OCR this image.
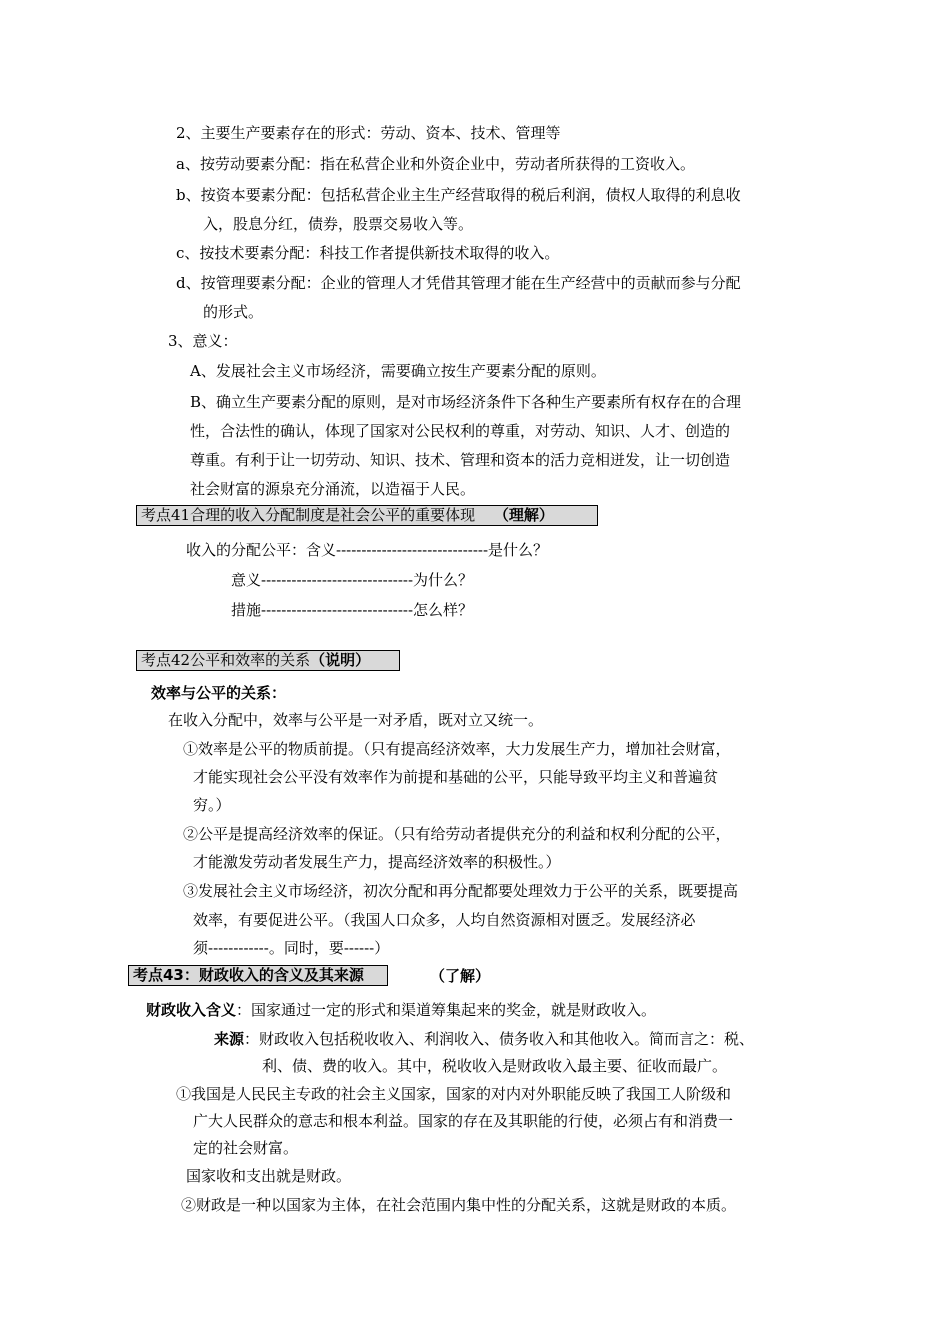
2、主要生产要素存在的形式：劳动、资本、技术、管理等
a、按劳动要素分配：指在私营企业和外资企业中，劳动者所获得的工资收入。
b、按资本要素分配：包括私营企业主生产经营取得的税后利润，债权人取得的利息收
入，股息分红，债券，股票交易收入等。
c、按技术要素分配：科技工作者提供新技术取得的收入。
d、按管理要素分配：企业的管理人才凭借其管理才能在生产经营中的贡献而参与分配
的形式。
3、意义：
A、发展社会主义市场经济，需要确立按生产要素分配的原则。
B、确立生产要素分配的原则，是对市场经济条件下各种生产要素所有权存在的合理
性，合法性的确认，体现了国家对公民权利的尊重，对劳动、知识、人才、创造的
尊重。有利于让一切劳动、知识、技术、管理和资本的活力竞相迸发，让一切创造
社会财富的源泉充分涌流，以造福于人民。
考点41合理的收入分配制度是社会公平的重要体现 （理解）
收入的分配公平：含义------------------------------是什么？
意义------------------------------为什么？
措施------------------------------怎么样？
考点42公平和效率的关系（说明）
效率与公平的关系：
在收入分配中，效率与公平是一对矛盾，既对立又统一。
①效率是公平的物质前提。（只有提高经济效率，大力发展生产力，增加社会财富，
才能实现社会公平没有效率作为前提和基础的公平，只能导致平均主义和普遍贫
穷。）
②公平是提高经济效率的保证。（只有给劳动者提供充分的利益和权利分配的公平，
才能激发劳动者发展生产力，提高经济效率的积极性。）
③发展社会主义市场经济，初次分配和再分配都要处理效力于公平的关系，既要提高
效率，有要促进公平。（我国人口众多，人均自然资源相对匮乏。发展经济必
须------------。同时，要------）
考点43：财政收入的含义及其来源	（了解）
财政收入含义：国家通过一定的形式和渠道筹集起来的奖金，就是财政收入。
来源：财政收入包括税收收入、利润收入、债务收入和其他收入。简而言之：税、
利、债、费的收入。其中，税收收入是财政收入最主要、征收而最广。
①我国是人民民主专政的社会主义国家，国家的对内对外职能反映了我国工人阶级和
广大人民群众的意志和根本利益。国家的存在及其职能的行使，必须占有和消费一
定的社会财富。
国家收和支出就是财政。
②财政是一种以国家为主体，在社会范围内集中性的分配关系，这就是财政的本质。
